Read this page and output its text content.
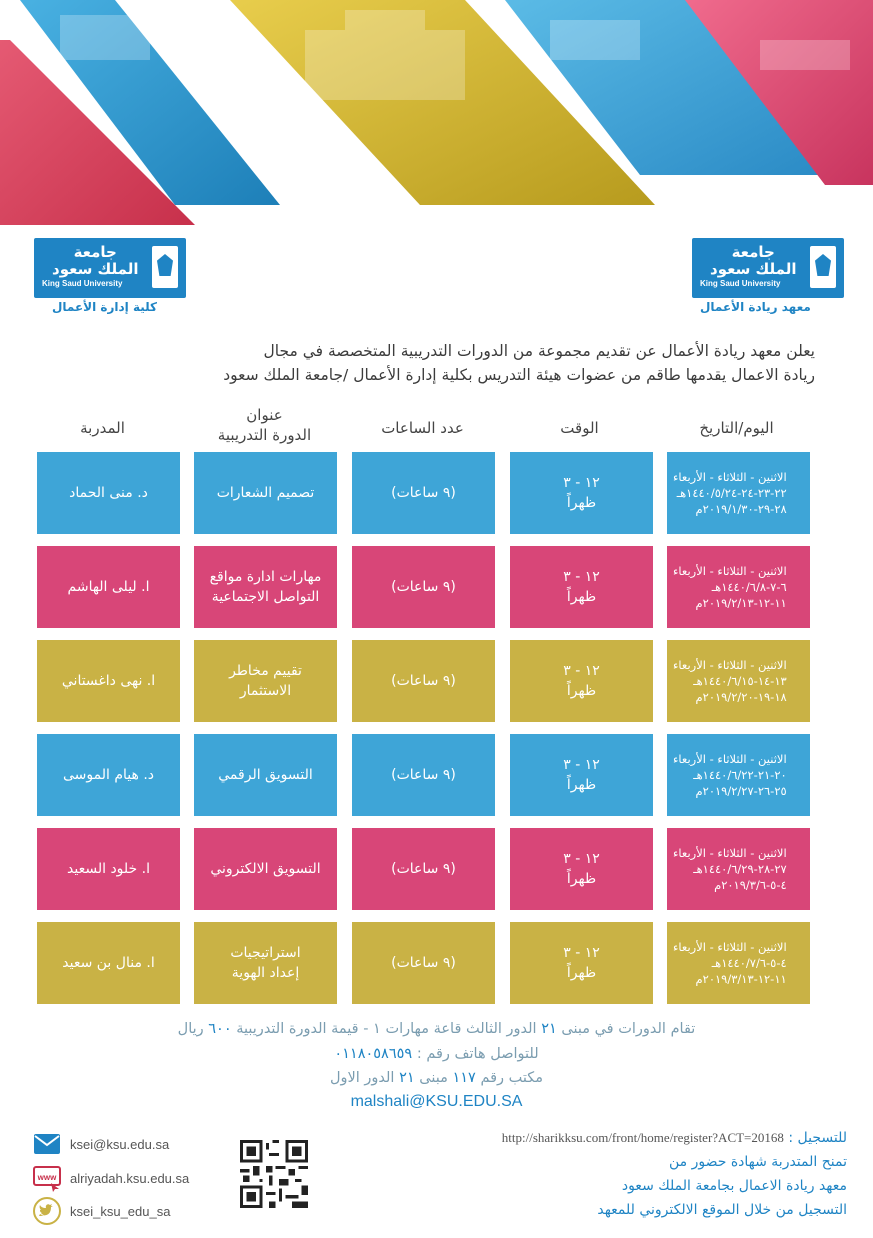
جامعة
الملك سعود
King Saud University
كلية إدارة الأعمال
جامعة
الملك سعود
King Saud University
معهد ريادة الأعمال
يعلن معهد ريادة الأعمال عن تقديم مجموعة من الدورات التدريبية المتخصصة في مجال
ريادة الاعمال يقدمها طاقم من عضوات هيئة التدريس بكلية إدارة الأعمال /جامعة الملك سعود
اليوم/التاريخ
الوقت
عدد الساعات
عنوان
الدورة التدريبية
المدربة
الاثنين - الثلاثاء - الأربعاء
٢٢-٢٣-٢٤-١٤٤٠/٥/٢٤هـ
٢٨-٢٩-٢٠١٩/١/٣٠م
١٢ - ٣
ظهراً
(٩ ساعات)
تصميم الشعارات
د. منى الحماد
الاثنين - الثلاثاء - الأربعاء
٦-٧-١٤٤٠/٦/٨هـ
١١-١٢-٢٠١٩/٢/١٣م
١٢ - ٣
ظهراً
(٩ ساعات)
مهارات ادارة مواقع
التواصل الاجتماعية
ا. ليلى الهاشم
الاثنين - الثلاثاء - الأربعاء
١٣-١٤-١٤٤٠/٦/١٥هـ
١٨-١٩-٢٠١٩/٢/٢٠م
١٢ - ٣
ظهراً
(٩ ساعات)
تقييم مخاطر
الاستثمار
ا. نهى داغستاني
الاثنين - الثلاثاء - الأربعاء
٢٠-٢١-١٤٤٠/٦/٢٢هـ
٢٥-٢٦-٢٠١٩/٢/٢٧م
١٢ - ٣
ظهراً
(٩ ساعات)
التسويق الرقمي
د. هيام الموسى
الاثنين - الثلاثاء - الأربعاء
٢٧-٢٨-١٤٤٠/٦/٢٩هـ
٤-٥-٢٠١٩/٣/٦م
١٢ - ٣
ظهراً
(٩ ساعات)
التسويق الالكتروني
ا. خلود السعيد
الاثنين - الثلاثاء - الأربعاء
٤-٥-١٤٤٠/٧/٦هـ
١١-١٢-٢٠١٩/٣/١٣م
١٢ - ٣
ظهراً
(٩ ساعات)
استراتيجيات
إعداد الهوية
ا. منال بن سعيد
تقام الدورات في مبنى ٢١ الدور الثالث قاعة مهارات ١ - قيمة الدورة التدريبية ٦٠٠ ريال
للتواصل هاتف رقم : ٠١١٨٠٥٨٦٥٩
مكتب رقم ١١٧ مبنى ٢١ الدور الاول
malshali@KSU.EDU.SA
ksei@ksu.edu.sa
www alriyadah.ksu.edu.sa
ksei_ksu_edu_sa
للتسجيل : http://sharikksu.com/front/home/register?ACT=20168
تمنح المتدربة شهادة حضور من
معهد ريادة الاعمال بجامعة الملك سعود
التسجيل من خلال الموقع الالكتروني للمعهد
